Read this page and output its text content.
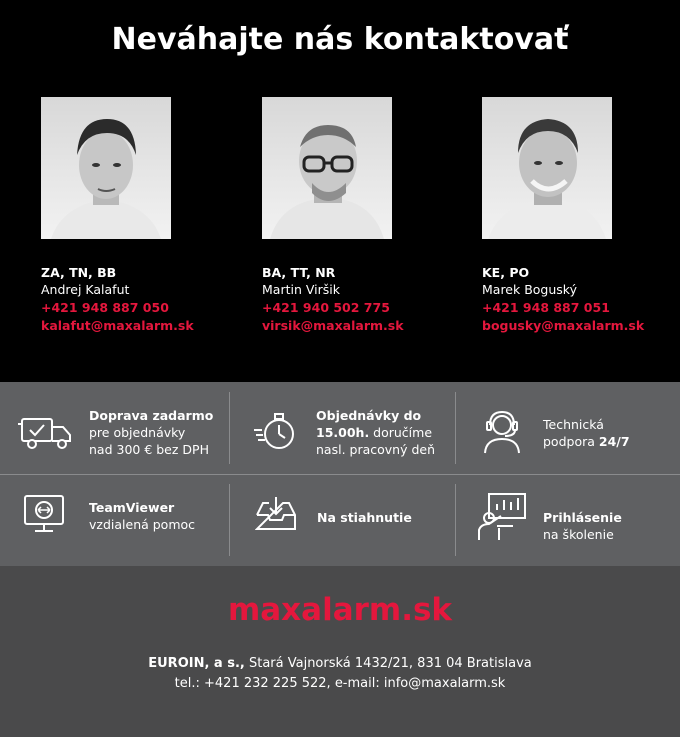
Neváhajte nás kontaktovať
ZA, TN, BB
Andrej Kalafut
+421 948 887 050
kalafut@maxalarm.sk
BA, TT, NR
Martin Viršik
+421 940 502 775
virsik@maxalarm.sk
KE, PO
Marek Boguský
+421 948 887 051
bogusky@maxalarm.sk
Doprava zadarmo
pre objednávky
nad 300 € bez DPH
Objednávky do
15.00h. doručíme
nasl. pracovný deň
Technická
podpora 24/7
TeamViewer
vzdialená pomoc	Na stiahnutie	Prihlásenie
na školenie
maxalarm.sk
EUROIN, a s., Stará Vajnorská 1432/21, 831 04 Bratislava
tel.: +421 232 225 522, e-mail: info@maxalarm.sk
